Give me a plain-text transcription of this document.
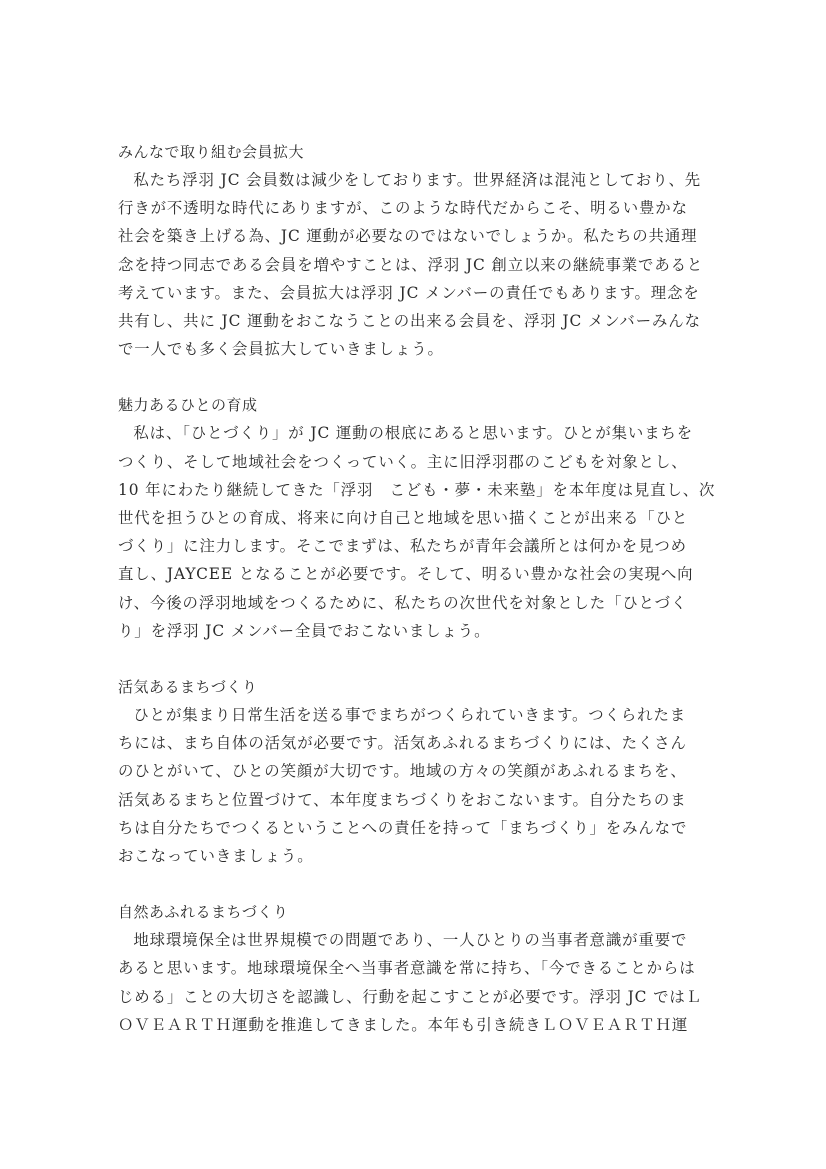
みんなで取り組む会員拡大

私たち浮羽 JC 会員数は減少をしております。世界経済は混沌としており、先

行きが不透明な時代にありますが、このような時代だからこそ、明るい豊かな

社会を築き上げる為、JC 運動が必要なのではないでしょうか。私たちの共通理

念を持つ同志である会員を増やすことは、浮羽 JC 創立以来の継続事業であると

考えています。また、会員拡大は浮羽 JC メンバーの責任でもあります。理念を

共有し、共に JC 運動をおこなうことの出来る会員を、浮羽 JC メンバーみんな

で一人でも多く会員拡大していきましょう。

魅力あるひとの育成

私は、「ひとづくり」が JC 運動の根底にあると思います。ひとが集いまちを

つくり、そして地域社会をつくっていく。主に旧浮羽郡のこどもを対象とし、

10 年にわたり継続してきた「浮羽　こども・夢・未来塾」を本年度は見直し、次

世代を担うひとの育成、将来に向け自己と地域を思い描くことが出来る「ひと

づくり」に注力します。そこでまずは、私たちが青年会議所とは何かを見つめ

直し、JAYCEE となることが必要です。そして、明るい豊かな社会の実現へ向

け、今後の浮羽地域をつくるために、私たちの次世代を対象とした「ひとづく

り」を浮羽 JC メンバー全員でおこないましょう。

活気あるまちづくり

ひとが集まり日常生活を送る事でまちがつくられていきます。つくられたま

ちには、まち自体の活気が必要です。活気あふれるまちづくりには、たくさん

のひとがいて、ひとの笑顔が大切です。地域の方々の笑顔があふれるまちを、

活気あるまちと位置づけて、本年度まちづくりをおこないます。自分たちのま

ちは自分たちでつくるということへの責任を持って「まちづくり」をみんなで

おこなっていきましょう。

自然あふれるまちづくり

地球環境保全は世界規模での問題であり、一人ひとりの当事者意識が重要で

あると思います。地球環境保全へ当事者意識を常に持ち、「今できることからは

じめる」ことの大切さを認識し、行動を起こすことが必要です。浮羽 JC ではＬ

ＯＶＥＡＲＴＨ運動を推進してきました。本年も引き続きＬＯＶＥＡＲＴＨ運
